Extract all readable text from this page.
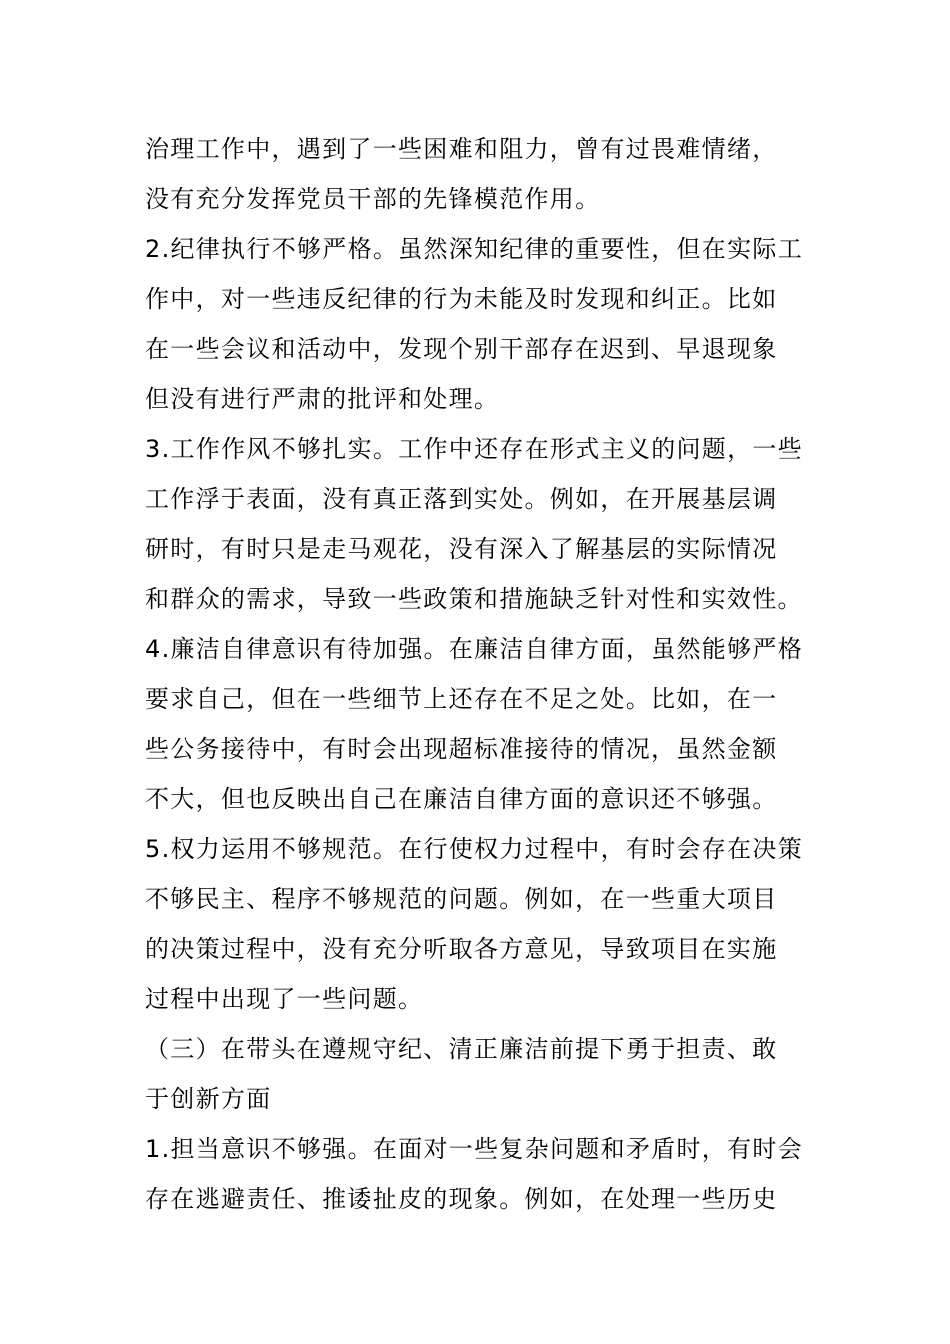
治理工作中，遇到了一些困难和阻力，曾有过畏难情绪，
没有充分发挥党员干部的先锋模范作用。
2.纪律执行不够严格。虽然深知纪律的重要性，但在实际工
作中，对一些违反纪律的行为未能及时发现和纠正。比如
在一些会议和活动中，发现个别干部存在迟到、早退现象
但没有进行严肃的批评和处理。
3.工作作风不够扎实。工作中还存在形式主义的问题，一些
工作浮于表面，没有真正落到实处。例如，在开展基层调
研时，有时只是走马观花，没有深入了解基层的实际情况
和群众的需求，导致一些政策和措施缺乏针对性和实效性。
4.廉洁自律意识有待加强。在廉洁自律方面，虽然能够严格
要求自己，但在一些细节上还存在不足之处。比如，在一
些公务接待中，有时会出现超标准接待的情况，虽然金额
不大，但也反映出自己在廉洁自律方面的意识还不够强。
5.权力运用不够规范。在行使权力过程中，有时会存在决策
不够民主、程序不够规范的问题。例如，在一些重大项目
的决策过程中，没有充分听取各方意见，导致项目在实施
过程中出现了一些问题。
（三）在带头在遵规守纪、清正廉洁前提下勇于担责、敢
于创新方面
1.担当意识不够强。在面对一些复杂问题和矛盾时，有时会
存在逃避责任、推诿扯皮的现象。例如，在处理一些历史
